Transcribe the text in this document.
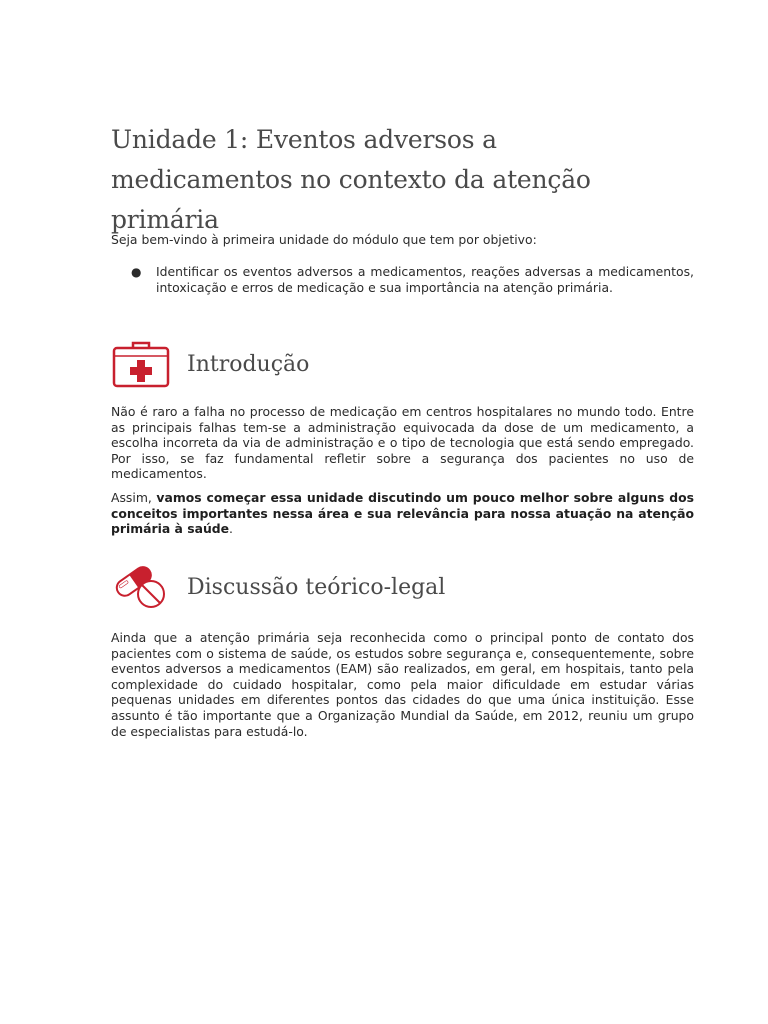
Unidade 1: Eventos adversos a medicamentos no contexto da atenção primária

Seja bem-vindo à primeira unidade do módulo que tem por objetivo:

● Identificar os eventos adversos a medicamentos, reações adversas a medicamentos, intoxicação e erros de medicação e sua importância na atenção primária.
Introdução

Não é raro a falha no processo de medicação em centros hospitalares no mundo todo. Entre as principais falhas tem-se a administração equivocada da dose de um medicamento, a escolha incorreta da via de administração e o tipo de tecnologia que está sendo empregado. Por isso, se faz fundamental refletir sobre a segurança dos pacientes no uso de medicamentos.

Assim, vamos começar essa unidade discutindo um pouco melhor sobre alguns dos conceitos importantes nessa área e sua relevância para nossa atuação na atenção primária à saúde.

Discussão teórico-legal

Ainda que a atenção primária seja reconhecida como o principal ponto de contato dos pacientes com o sistema de saúde, os estudos sobre segurança e, consequentemente, sobre eventos adversos a medicamentos (EAM) são realizados, em geral, em hospitais, tanto pela complexidade do cuidado hospitalar, como pela maior dificuldade em estudar várias pequenas unidades em diferentes pontos das cidades do que uma única instituição. Esse assunto é tão importante que a Organização Mundial da Saúde, em 2012, reuniu um grupo de especialistas para estudá-lo.
